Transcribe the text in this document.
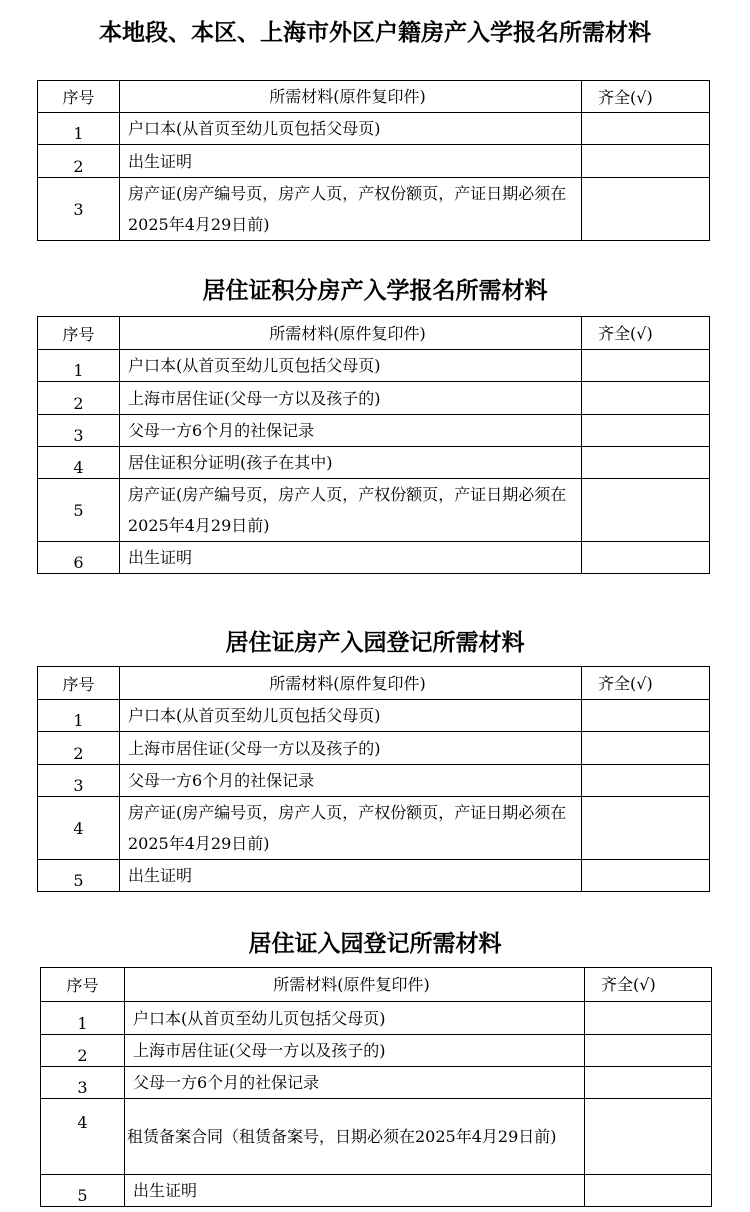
本地段、本区、上海市外区户籍房产入学报名所需材料
序号	所需材料(原件复印件)	齐全(√)
1	户口本(从首页至幼儿页包括父母页)	
2	出生证明	
3	房产证(房产编号页，房产人页，产权份额页，产证日期必须在2025年4月29日前)	
居住证积分房产入学报名所需材料
序号	所需材料(原件复印件)	齐全(√)
1	户口本(从首页至幼儿页包括父母页)	
2	上海市居住证(父母一方以及孩子的)	
3	父母一方6个月的社保记录	
4	居住证积分证明(孩子在其中)	
5	房产证(房产编号页，房产人页，产权份额页，产证日期必须在2025年4月29日前)	
6	出生证明	
居住证房产入园登记所需材料
序号	所需材料(原件复印件)	齐全(√)
1	户口本(从首页至幼儿页包括父母页)	
2	上海市居住证(父母一方以及孩子的)	
3	父母一方6个月的社保记录	
4	房产证(房产编号页，房产人页，产权份额页，产证日期必须在2025年4月29日前)	
5	出生证明	
居住证入园登记所需材料
序号	所需材料(原件复印件)	齐全(√)
1	户口本(从首页至幼儿页包括父母页)	
2	上海市居住证(父母一方以及孩子的)	
3	父母一方6个月的社保记录	
4	租赁备案合同（租赁备案号，日期必须在2025年4月29日前)	
5	出生证明	
